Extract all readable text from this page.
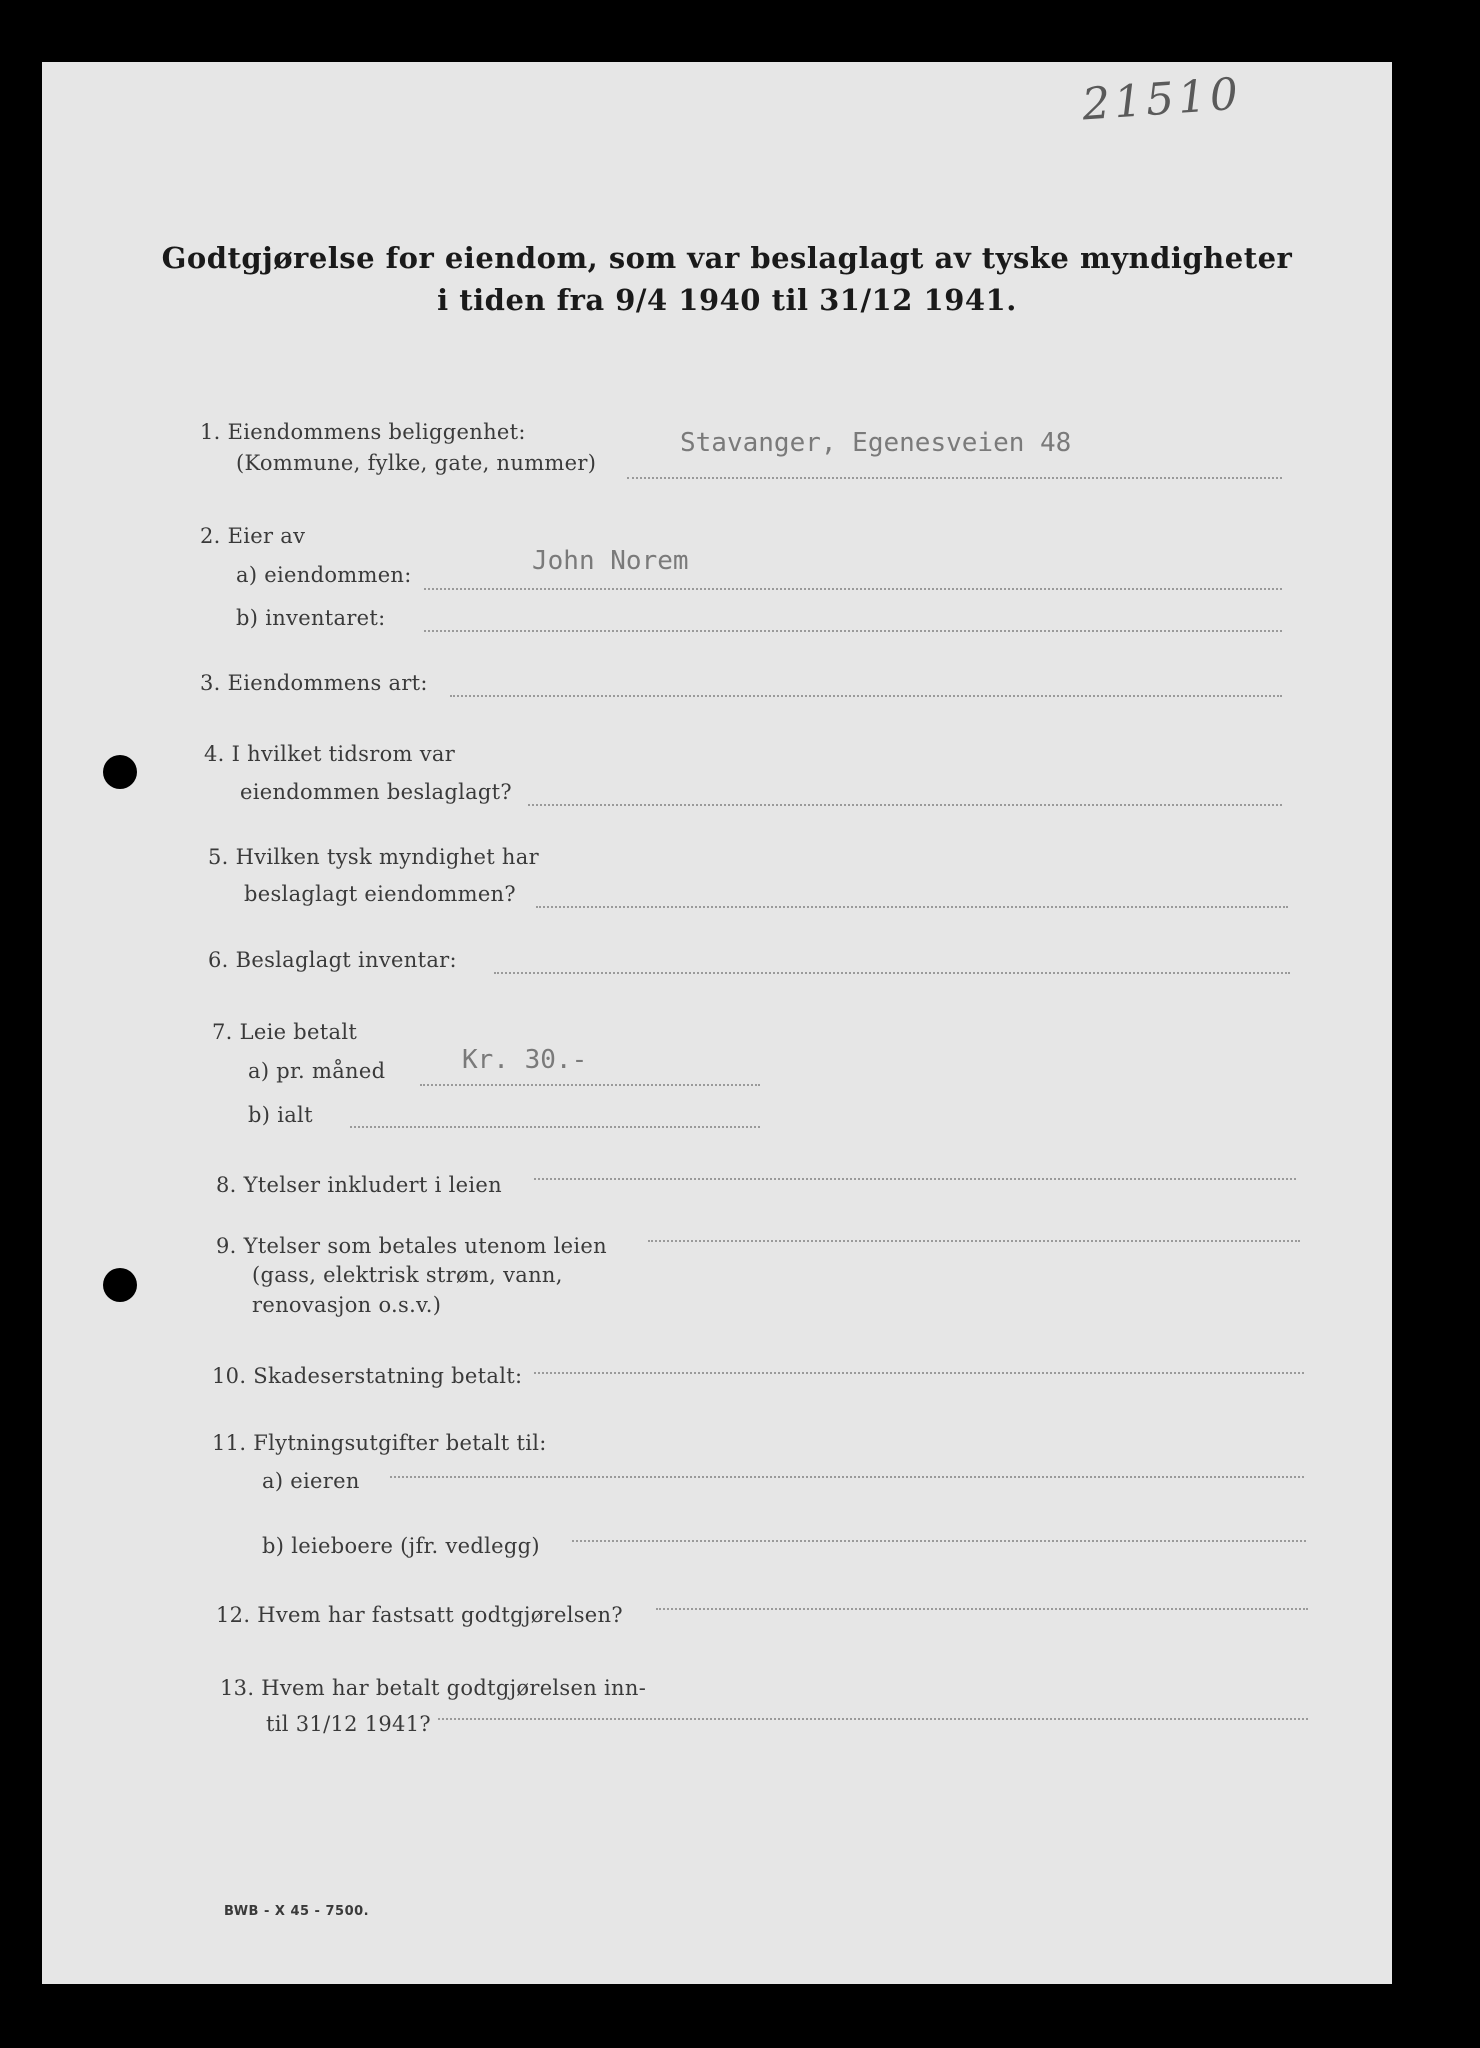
21510
Godtgjørelse for eiendom, som var beslaglagt av tyske myndigheter
i tiden fra 9/4 1940 til 31/12 1941.
1. Eiendommens beliggenhet:
(Kommune, fylke, gate, nummer)
Stavanger, Egenesveien 48
2. Eier av
a) eiendommen:	John Norem
b) inventaret:
3. Eiendommens art:
4. I hvilket tidsrom var
eiendommen beslaglagt?
5. Hvilken tysk myndighet har
beslaglagt eiendommen?
6. Beslaglagt inventar:
7. Leie betalt
a) pr. måned	Kr. 30.-
b) ialt
8. Ytelser inkludert i leien
9. Ytelser som betales utenom leien
(gass, elektrisk strøm, vann,
renovasjon o.s.v.)
10. Skadeserstatning betalt:
11. Flytningsutgifter betalt til:
a) eieren
b) leieboere (jfr. vedlegg)
12. Hvem har fastsatt godtgjørelsen?
13. Hvem har betalt godtgjørelsen inn-
til 31/12 1941?
BWB - X 45 - 7500.
